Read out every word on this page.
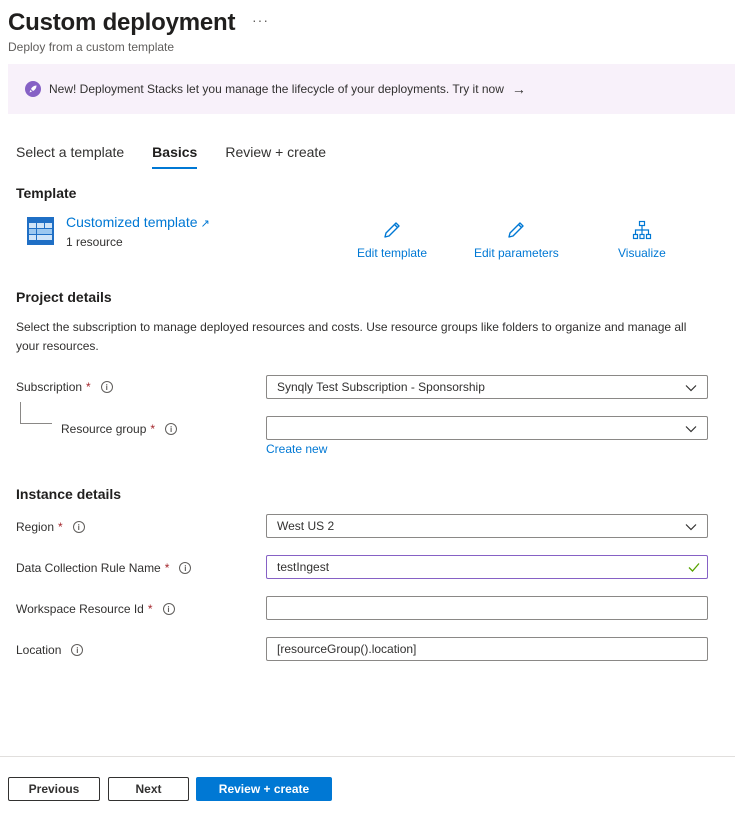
Custom deployment ···
Deploy from a custom template
New! Deployment Stacks let you manage the lifecycle of your deployments. Try it now →
Select a template Basics Review + create
Template
Customized template ↗
1 resource
Edit template	Edit parameters	Visualize
Project details
Select the subscription to manage deployed resources and costs. Use resource groups like folders to organize and manage all your resources.
Subscription *	i	Synqly Test Subscription - Sponsorship
Resource group *	i
Create new
Instance details
Region *	i	West US 2
Data Collection Rule Name *	i	testIngest
Workspace Resource Id *	i
Location	i	[resourceGroup().location]
Previous	Next	Review + create
